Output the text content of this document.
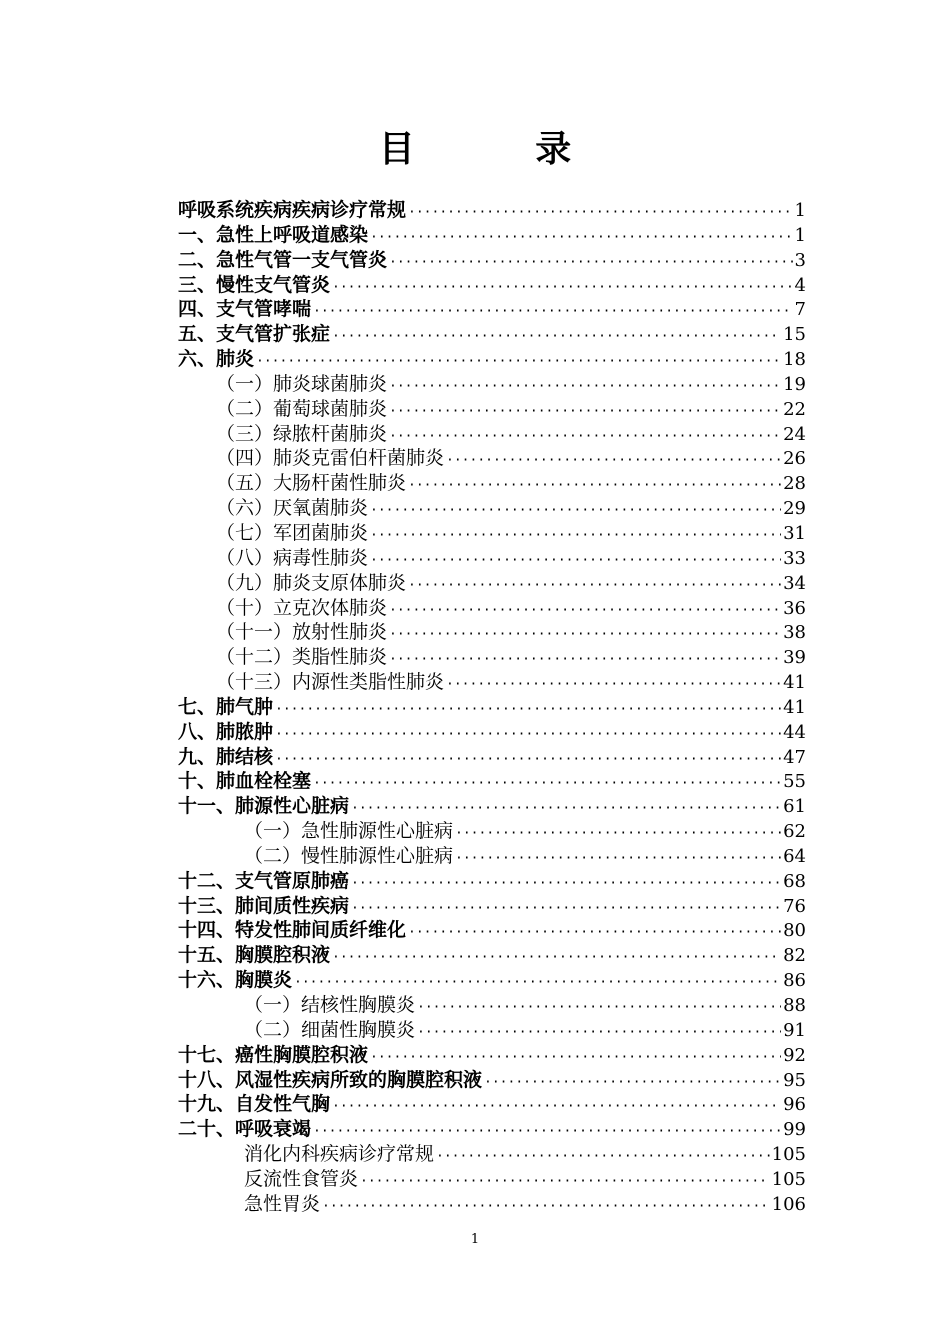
目 录
呼吸系统疾病疾病诊疗常规 ·····	1
一、急性上呼吸道感染 ·····	1
二、急性气管一支气管炎 ·····	3
三、慢性支气管炎 ·····	4
四、支气管哮喘 ·····	7
五、支气管扩张症 ·····	15
六、肺炎 ·····	18
（一）肺炎球菌肺炎 ·····	19
（二）葡萄球菌肺炎 ·····	22
（三）绿脓杆菌肺炎 ·····	24
（四）肺炎克雷伯杆菌肺炎 ·····	26
（五）大肠杆菌性肺炎 ·····	28
（六）厌氧菌肺炎 ·····	29
（七）军团菌肺炎 ·····	31
（八）病毒性肺炎 ·····	33
（九）肺炎支原体肺炎 ·····	34
（十）立克次体肺炎 ·····	36
（十一）放射性肺炎 ·····	38
（十二）类脂性肺炎 ·····	39
（十三）内源性类脂性肺炎 ·····	41
七、肺气肿 ·····	41
八、肺脓肿 ·····	44
九、肺结核 ·····	47
十、肺血栓栓塞 ·····	55
十一、肺源性心脏病 ·····	61
（一）急性肺源性心脏病 ·····	62
（二）慢性肺源性心脏病 ·····	64
十二、支气管原肺癌 ·····	68
十三、肺间质性疾病 ·····	76
十四、特发性肺间质纤维化 ·····	80
十五、胸膜腔积液 ·····	82
十六、胸膜炎 ·····	86
（一）结核性胸膜炎 ·····	88
（二）细菌性胸膜炎 ·····	91
十七、癌性胸膜腔积液 ·····	92
十八、风湿性疾病所致的胸膜腔积液 ·····	95
十九、自发性气胸 ·····	96
二十、呼吸衰竭 ·····	99
消化内科疾病诊疗常规 ·····	105
反流性食管炎 ·····	105
急性胃炎 ·····	106
1
